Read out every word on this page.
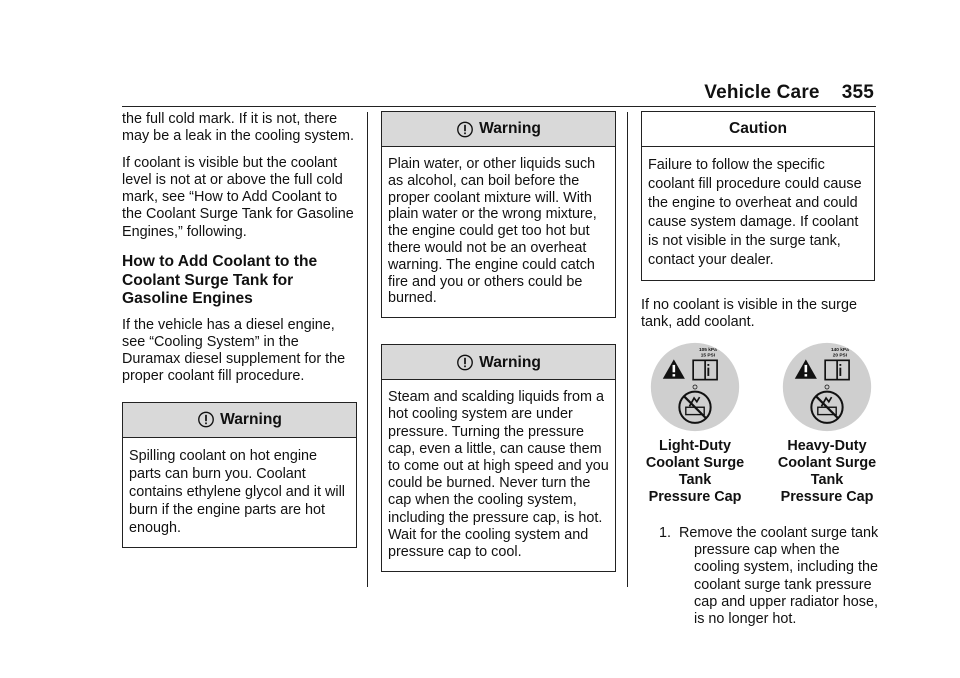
Vehicle Care 355

the full cold mark. If it is not, there may be a leak in the cooling system.

If coolant is visible but the coolant level is not at or above the full cold mark, see “How to Add Coolant to the Coolant Surge Tank for Gasoline Engines,” following.

How to Add Coolant to the Coolant Surge Tank for Gasoline Engines

If the vehicle has a diesel engine, see “Cooling System” in the Duramax diesel supplement for the proper coolant fill procedure.

Warning
Spilling coolant on hot engine parts can burn you. Coolant contains ethylene glycol and it will burn if the engine parts are hot enough.
Warning
Plain water, or other liquids such as alcohol, can boil before the proper coolant mixture will. With plain water or the wrong mixture, the engine could get too hot but there would not be an overheat warning. The engine could catch fire and you or others could be burned.
Warning
Steam and scalding liquids from a hot cooling system are under pressure. Turning the pressure cap, even a little, can cause them to come out at high speed and you could be burned. Never turn the cap when the cooling system, including the pressure cap, is hot. Wait for the cooling system and pressure cap to cool.
Caution
Failure to follow the specific coolant fill procedure could cause the engine to overheat and could cause system damage. If coolant is not visible in the surge tank, contact your dealer.

If no coolant is visible in the surge tank, add coolant.

105 kPa
15 PSI
Light-Duty
Coolant Surge
Tank
Pressure Cap
140 kPa
20 PSI
Heavy-Duty
Coolant Surge
Tank
Pressure Cap
1. Remove the coolant surge tank pressure cap when the cooling system, including the coolant surge tank pressure cap and upper radiator hose, is no longer hot.
